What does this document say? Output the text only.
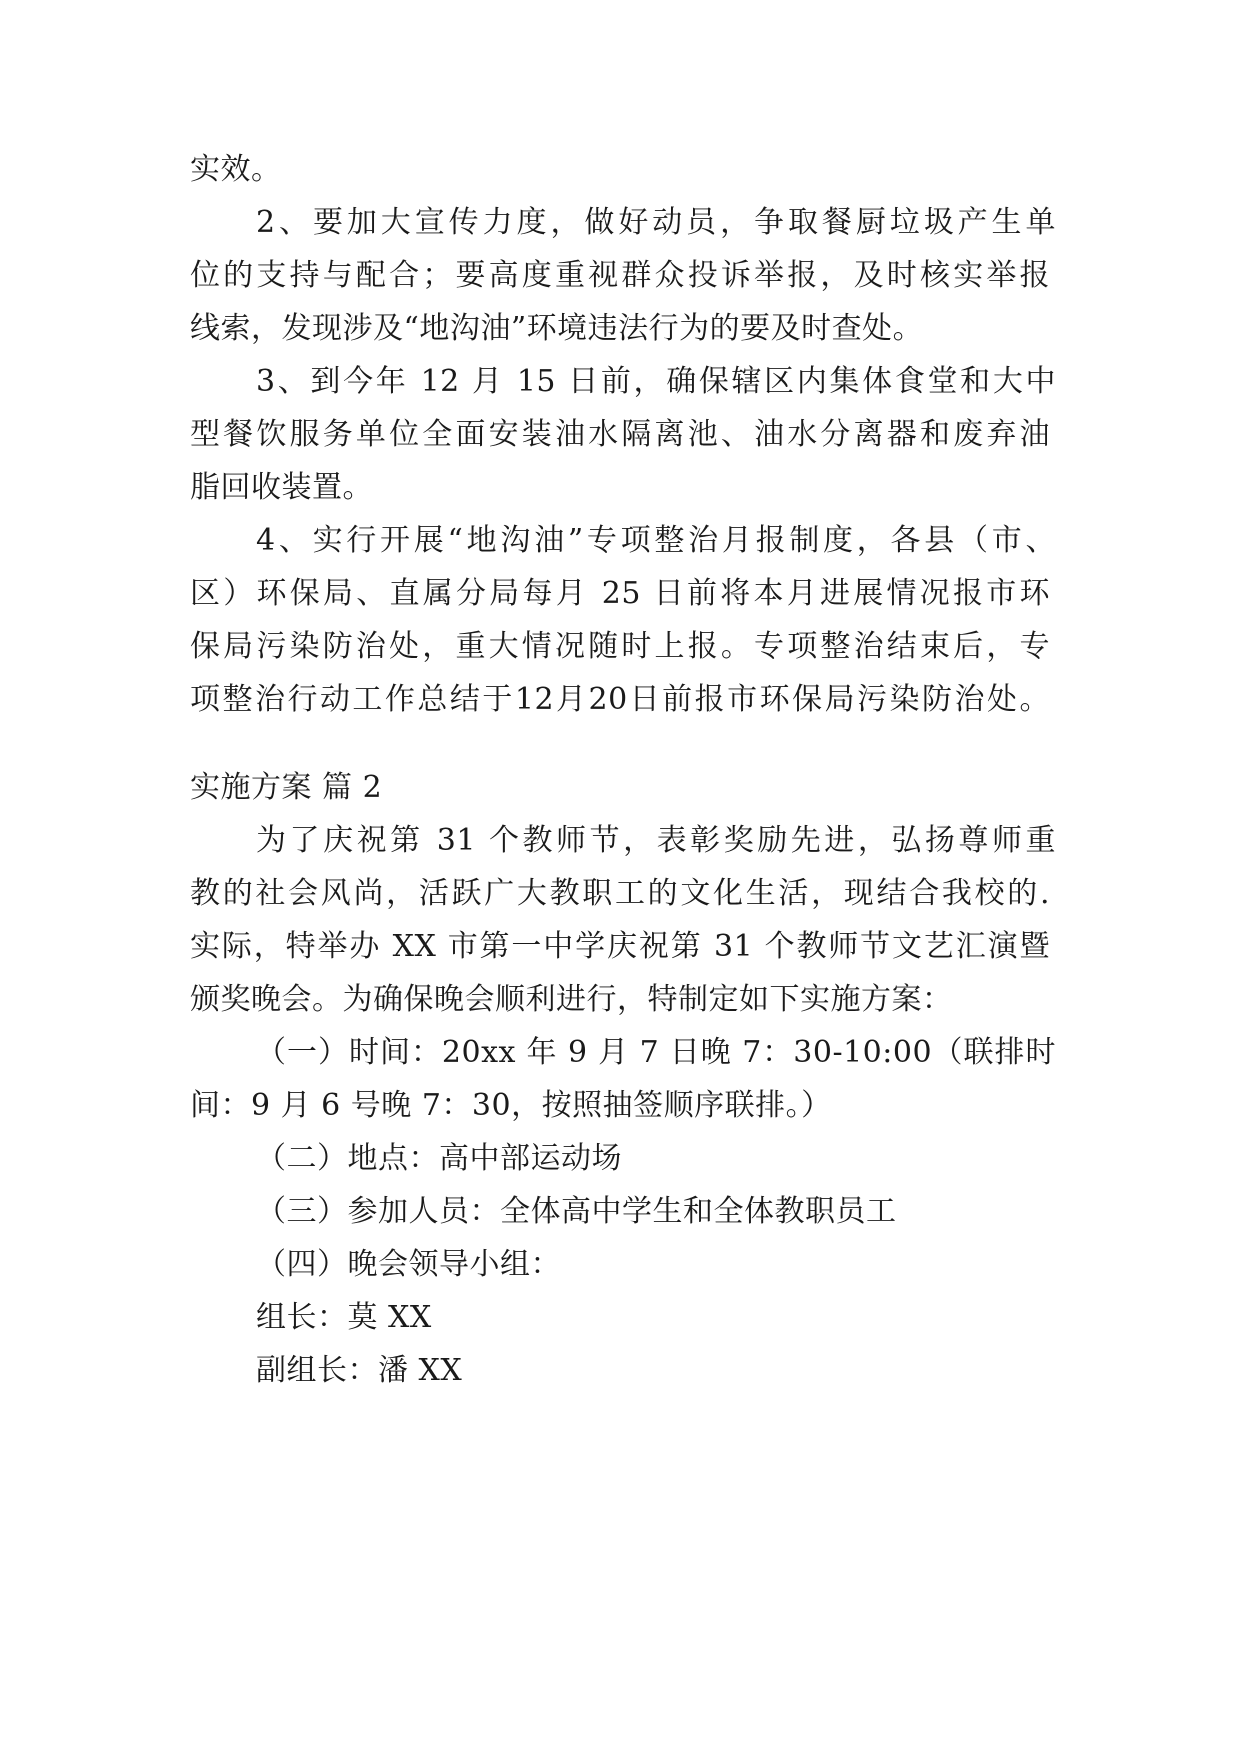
实效。
2、要加大宣传力度，做好动员，争取餐厨垃圾产生单
位的支持与配合；要高度重视群众投诉举报，及时核实举报
线索，发现涉及“地沟油”环境违法行为的要及时查处。
3、到今年 12 月 15 日前，确保辖区内集体食堂和大中
型餐饮服务单位全面安装油水隔离池、油水分离器和废弃油
脂回收装置。
4、实行开展“地沟油”专项整治月报制度，各县（市、
区）环保局、直属分局每月 25 日前将本月进展情况报市环
保局污染防治处，重大情况随时上报。专项整治结束后，专
项整治行动工作总结于12月20日前报市环保局污染防治处。
实施方案 篇 2
为了庆祝第 31 个教师节，表彰奖励先进，弘扬尊师重
教的社会风尚，活跃广大教职工的文化生活，现结合我校的.
实际，特举办 XX 市第一中学庆祝第 31 个教师节文艺汇演暨
颁奖晚会。为确保晚会顺利进行，特制定如下实施方案：
（一）时间：20xx 年 9 月 7 日晚 7：30-10:00（联排时
间：9 月 6 号晚 7：30，按照抽签顺序联排。）
（二）地点：高中部运动场
（三）参加人员：全体高中学生和全体教职员工
（四）晚会领导小组：
组长：莫 XX
副组长：潘 XX
